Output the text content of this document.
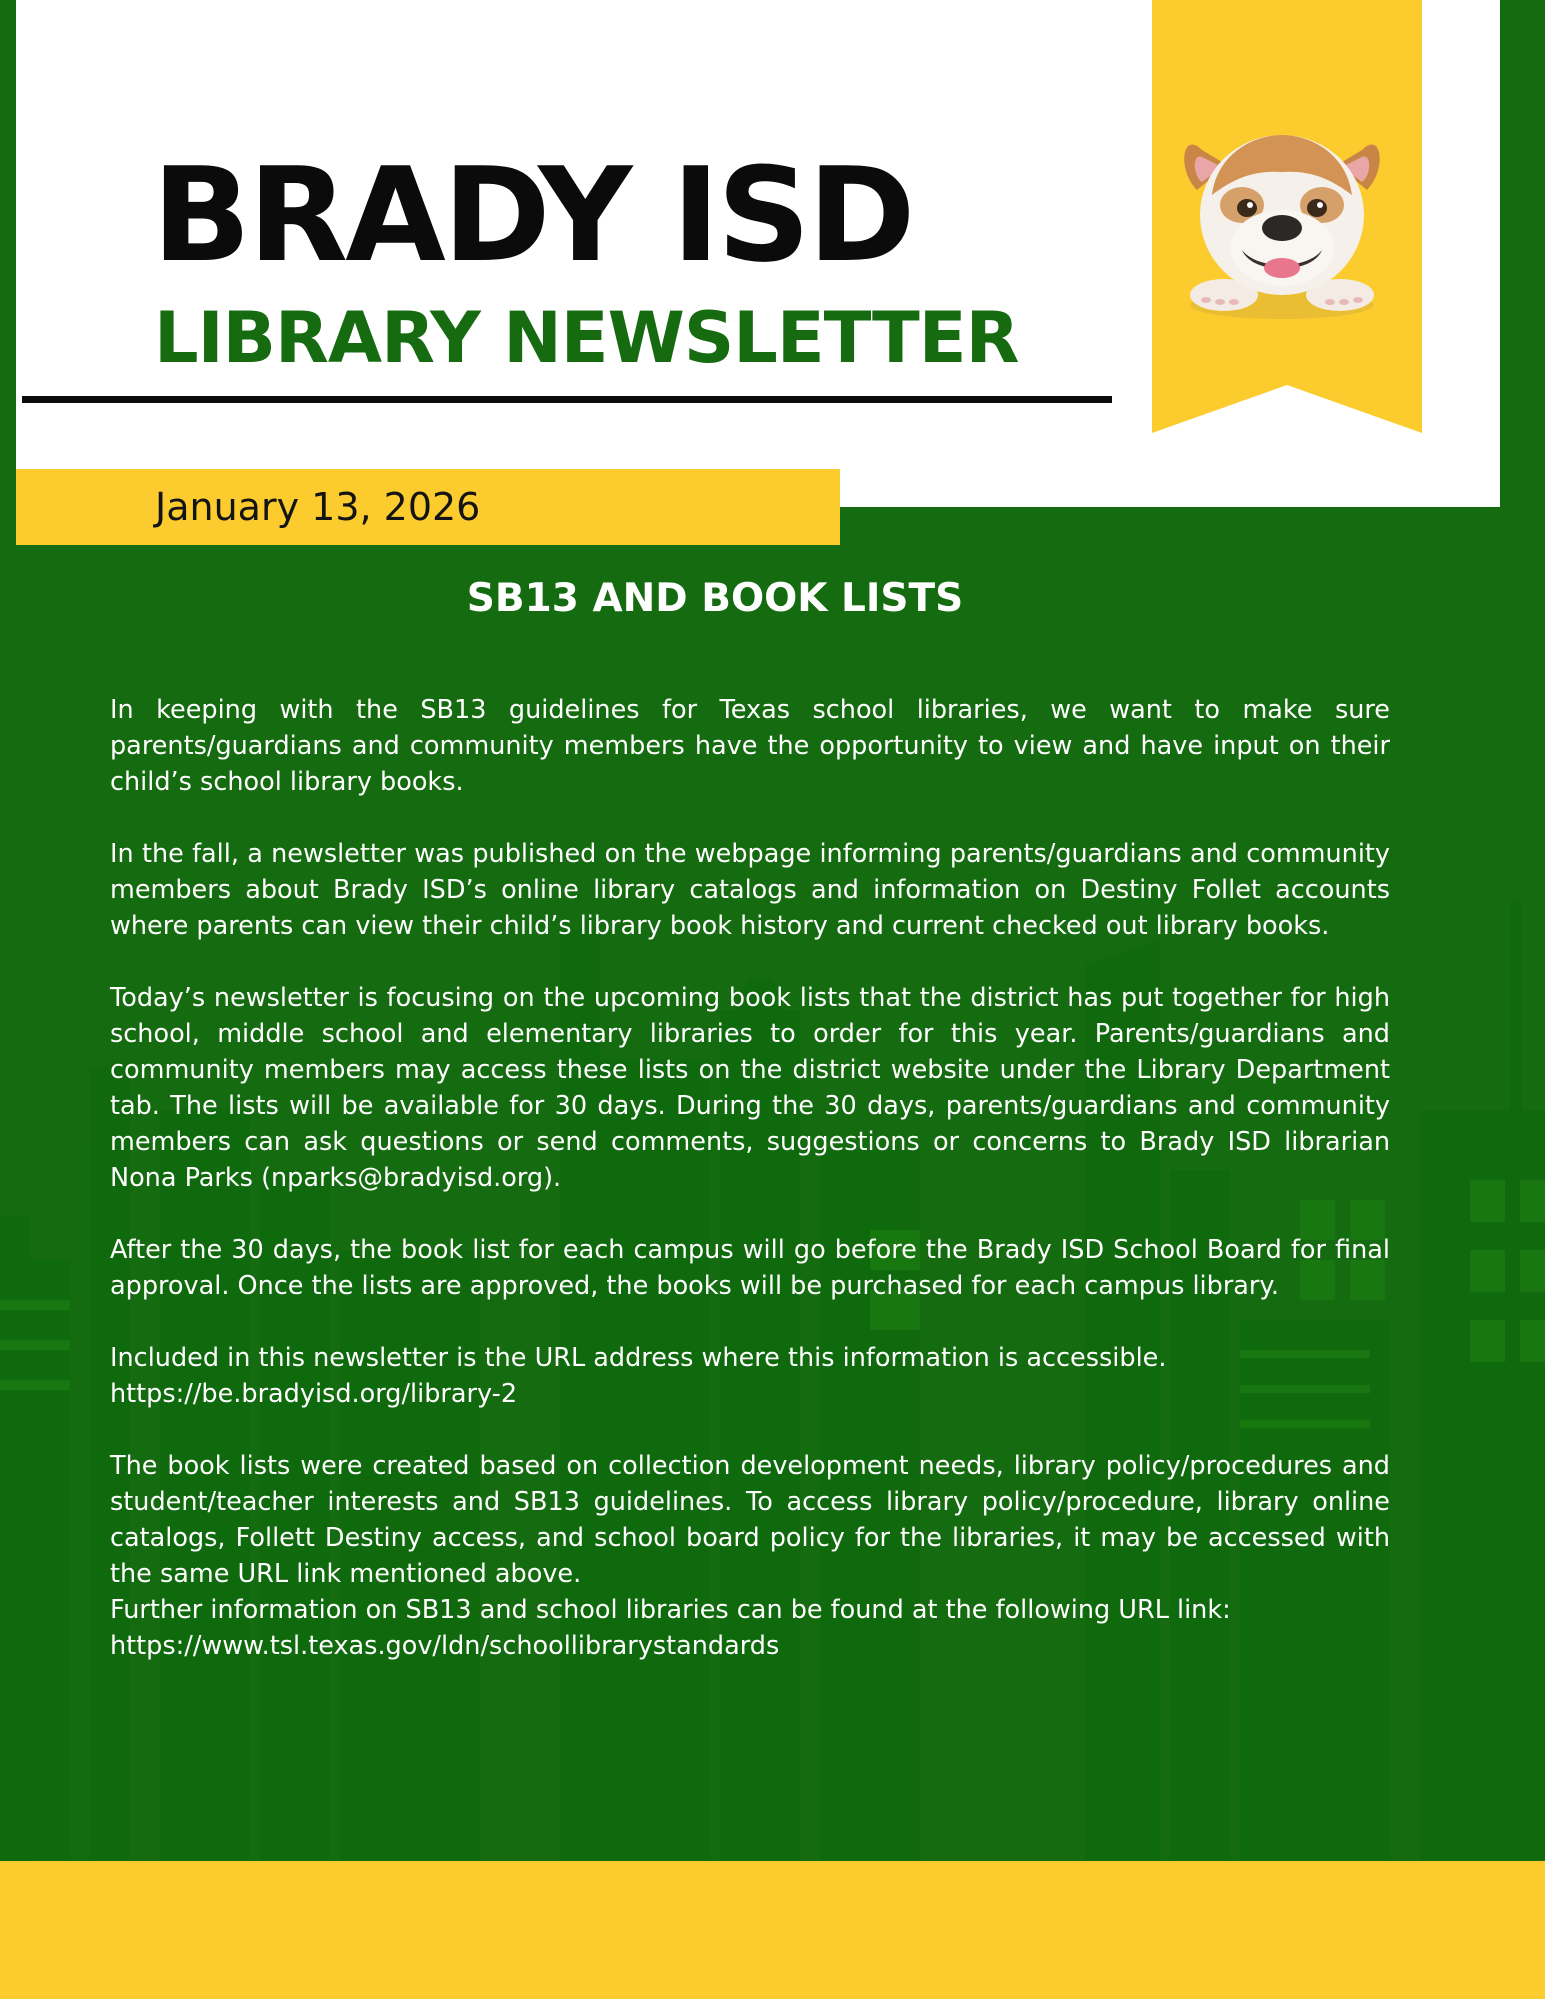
BRADY ISD
LIBRARY NEWSLETTER
January 13, 2026
SB13 AND BOOK LISTS

In keeping with the SB13 guidelines for Texas school libraries, we want to make sure parents/guardians and community members have the opportunity to view and have input on their child’s school library books.

In the fall, a newsletter was published on the webpage informing parents/guardians and community members about Brady ISD’s online library catalogs and information on Destiny Follet accounts where parents can view their child’s library book history and current checked out library books.

Today’s newsletter is focusing on the upcoming book lists that the district has put together for high school, middle school and elementary libraries to order for this year. Parents/guardians and community members may access these lists on the district website under the Library Department tab. The lists will be available for 30 days. During the 30 days, parents/guardians and community members can ask questions or send comments, suggestions or concerns to Brady ISD librarian Nona Parks (nparks@bradyisd.org).

After the 30 days, the book list for each campus will go before the Brady ISD School Board for final approval. Once the lists are approved, the books will be purchased for each campus library.

Included in this newsletter is the URL address where this information is accessible.
https://be.bradyisd.org/library-2

The book lists were created based on collection development needs, library policy/procedures and student/teacher interests and SB13 guidelines. To access library policy/procedure, library online catalogs, Follett Destiny access, and school board policy for the libraries, it may be accessed with the same URL link mentioned above.

Further information on SB13 and school libraries can be found at the following URL link:
https://www.tsl.texas.gov/ldn/schoollibrarystandards
